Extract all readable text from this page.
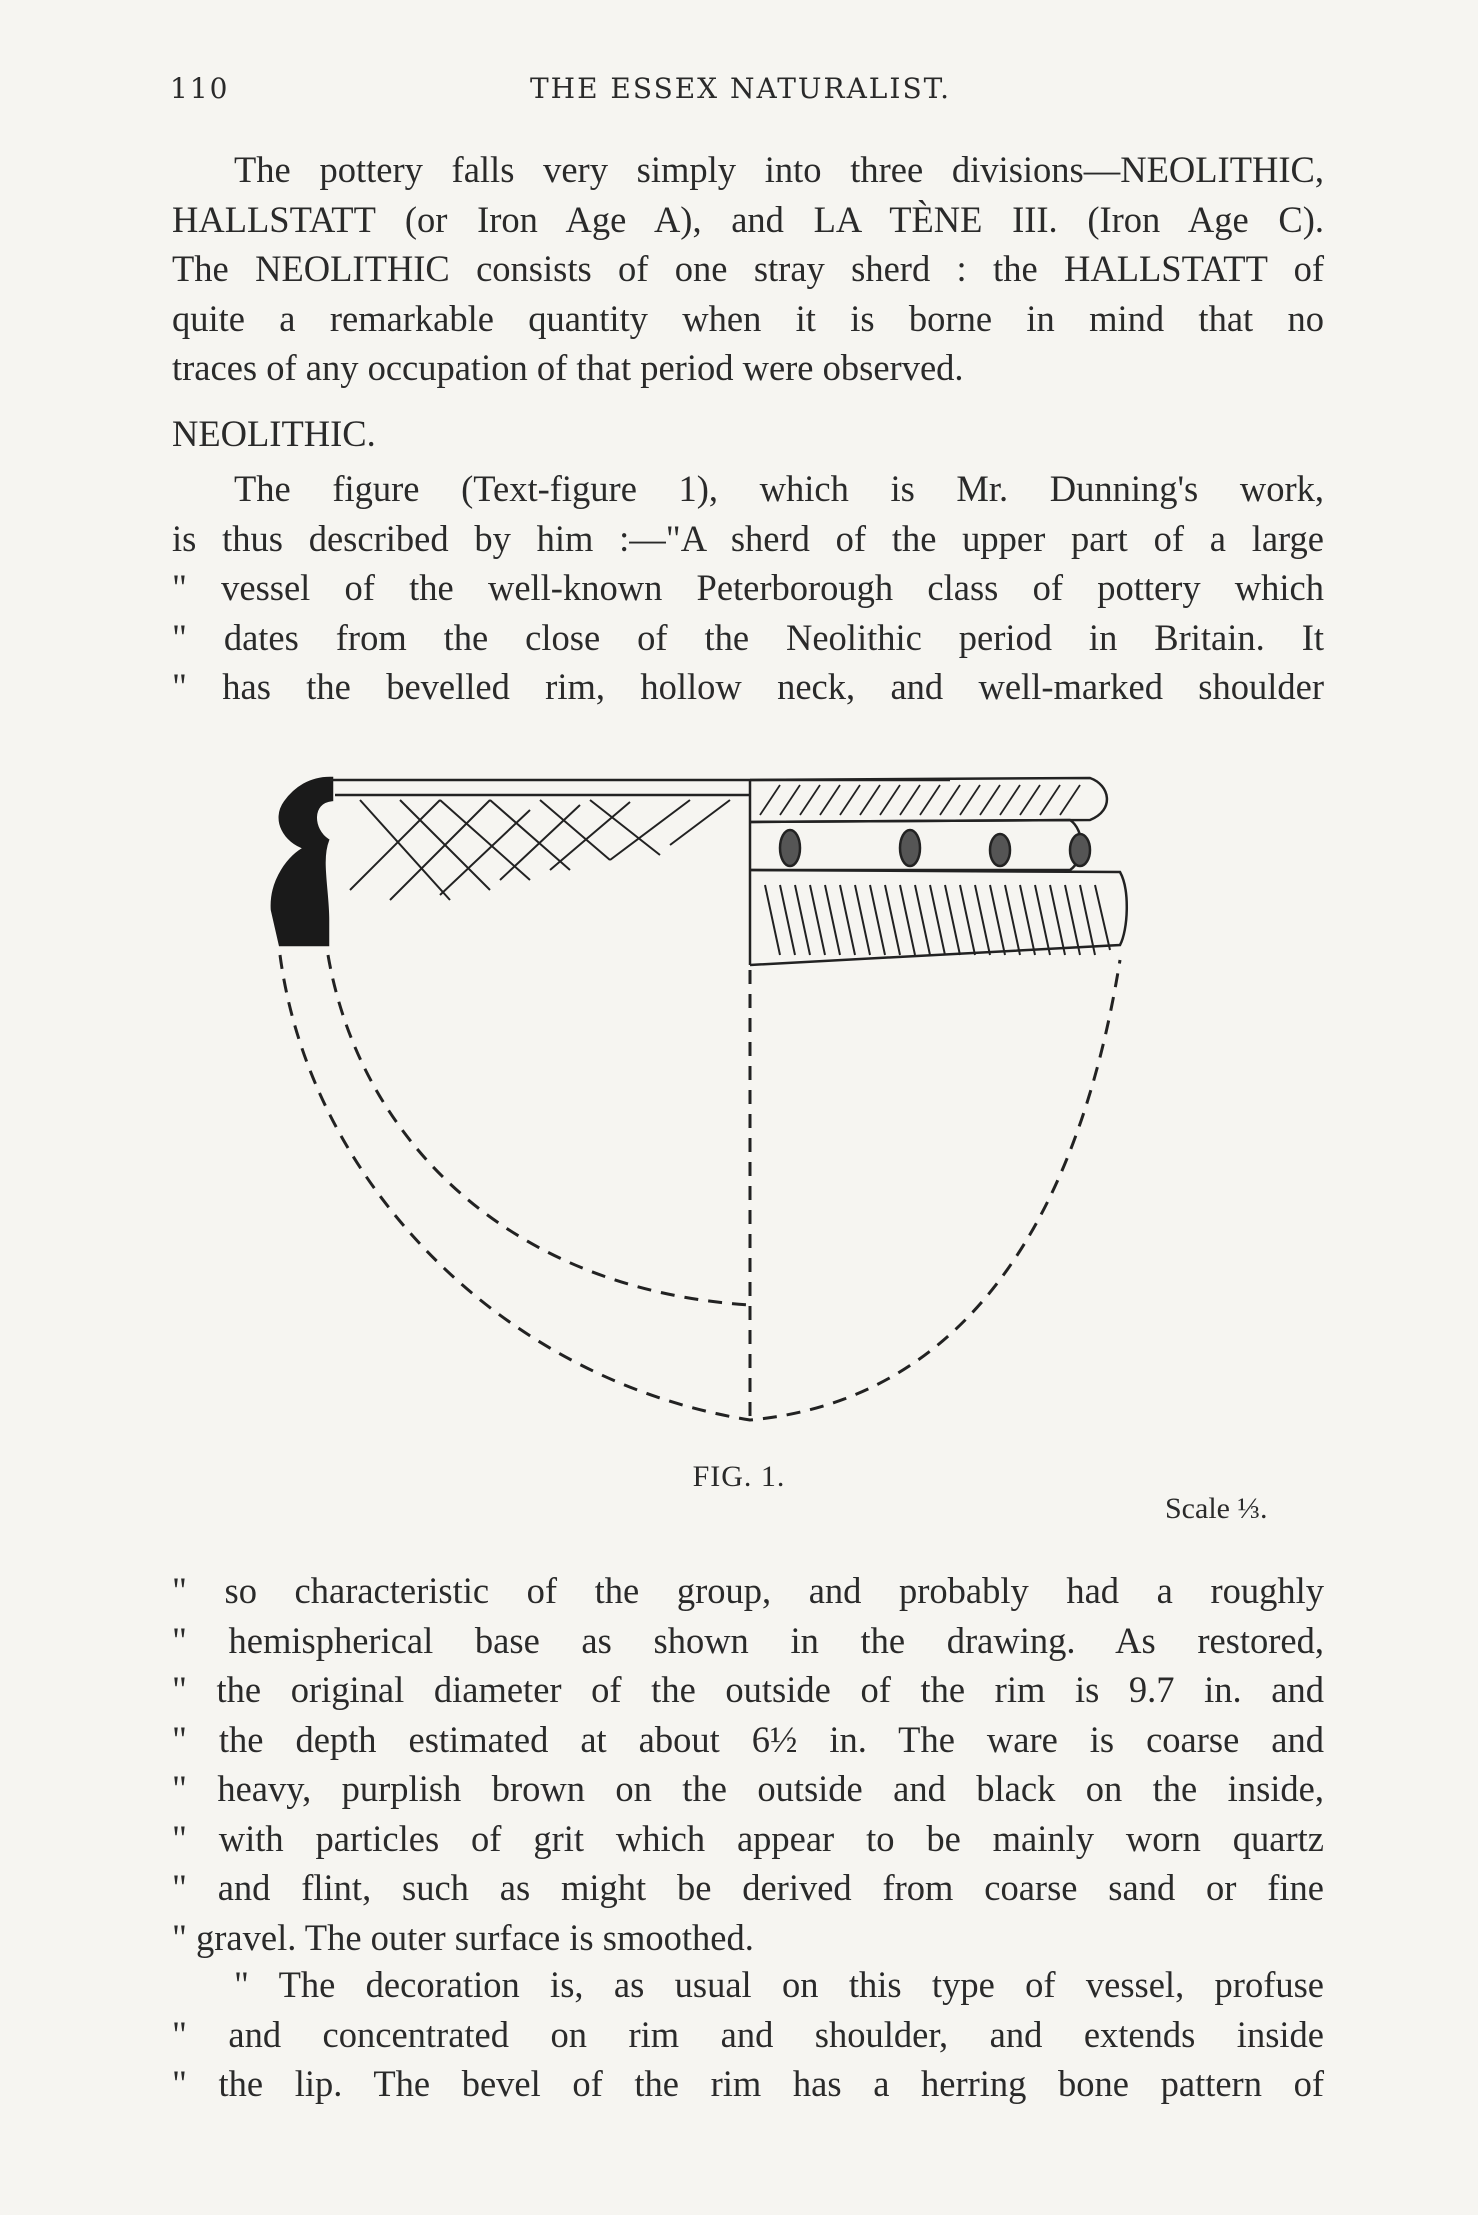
110	THE ESSEX NATURALIST.

The pottery falls very simply into three divisions—NEOLITHIC,

HALLSTATT (or Iron Age A), and LA TÈNE III. (Iron Age C).

The NEOLITHIC consists of one stray sherd : the HALLSTATT of

quite a remarkable quantity when it is borne in mind that no

traces of any occupation of that period were observed.

NEOLITHIC.

The figure (Text-figure 1), which is Mr. Dunning's work,

is thus described by him :—"A sherd of the upper part of a large

" vessel of the well-known Peterborough class of pottery which

" dates from the close of the Neolithic period in Britain. It

" has the bevelled rim, hollow neck, and well-marked shoulder

FIG. 1.
Scale ⅓.

" so characteristic of the group, and probably had a roughly

" hemispherical base as shown in the drawing. As restored,

" the original diameter of the outside of the rim is 9.7 in. and

" the depth estimated at about 6½ in. The ware is coarse and

" heavy, purplish brown on the outside and black on the inside,

" with particles of grit which appear to be mainly worn quartz

" and flint, such as might be derived from coarse sand or fine

" gravel. The outer surface is smoothed.

" The decoration is, as usual on this type of vessel, profuse

" and concentrated on rim and shoulder, and extends inside

" the lip. The bevel of the rim has a herring bone pattern of
